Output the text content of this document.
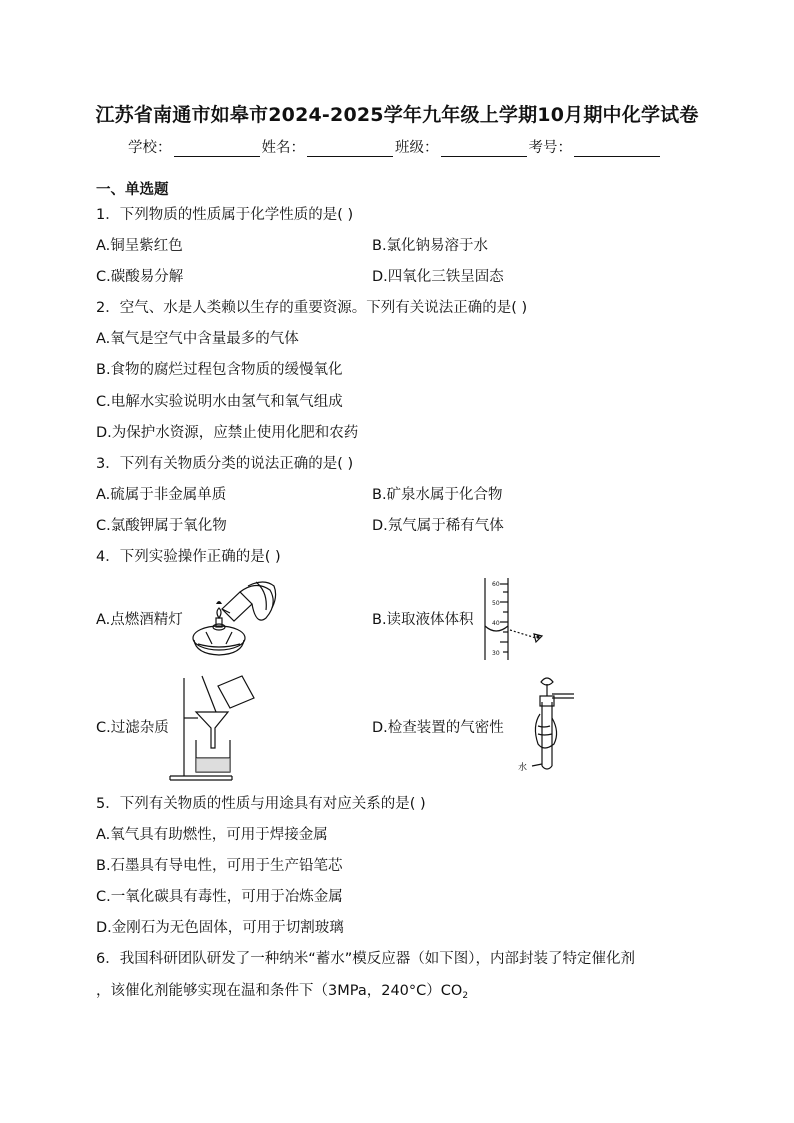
江苏省南通市如皋市2024-2025学年九年级上学期10月期中化学试卷
学校：	姓名：	班级：	考号：
一、单选题
1．下列物质的性质属于化学性质的是( )
A.铜呈紫红色	B.氯化钠易溶于水
C.碳酸易分解	D.四氧化三铁呈固态
2．空气、水是人类赖以生存的重要资源。下列有关说法正确的是( )
A.氧气是空气中含量最多的气体
B.食物的腐烂过程包含物质的缓慢氧化
C.电解水实验说明水由氢气和氧气组成
D.为保护水资源，应禁止使用化肥和农药
3．下列有关物质分类的说法正确的是( )
A.硫属于非金属单质	B.矿泉水属于化合物
C.氯酸钾属于氧化物	D.氖气属于稀有气体
4．下列实验操作正确的是( )
A.点燃酒精灯	B.读取液体体积
C.过滤杂质	D.检查装置的气密性
60
50
40
30
水
5．下列有关物质的性质与用途具有对应关系的是( )
A.氧气具有助燃性，可用于焊接金属
B.石墨具有导电性，可用于生产铅笔芯
C.一氧化碳具有毒性，可用于冶炼金属
D.金刚石为无色固体，可用于切割玻璃
6．我国科研团队研发了一种纳米“蓄水”模反应器（如下图），内部封装了特定催化剂
，该催化剂能够实现在温和条件下（3MPa，$240^\circ C)CO_2$
